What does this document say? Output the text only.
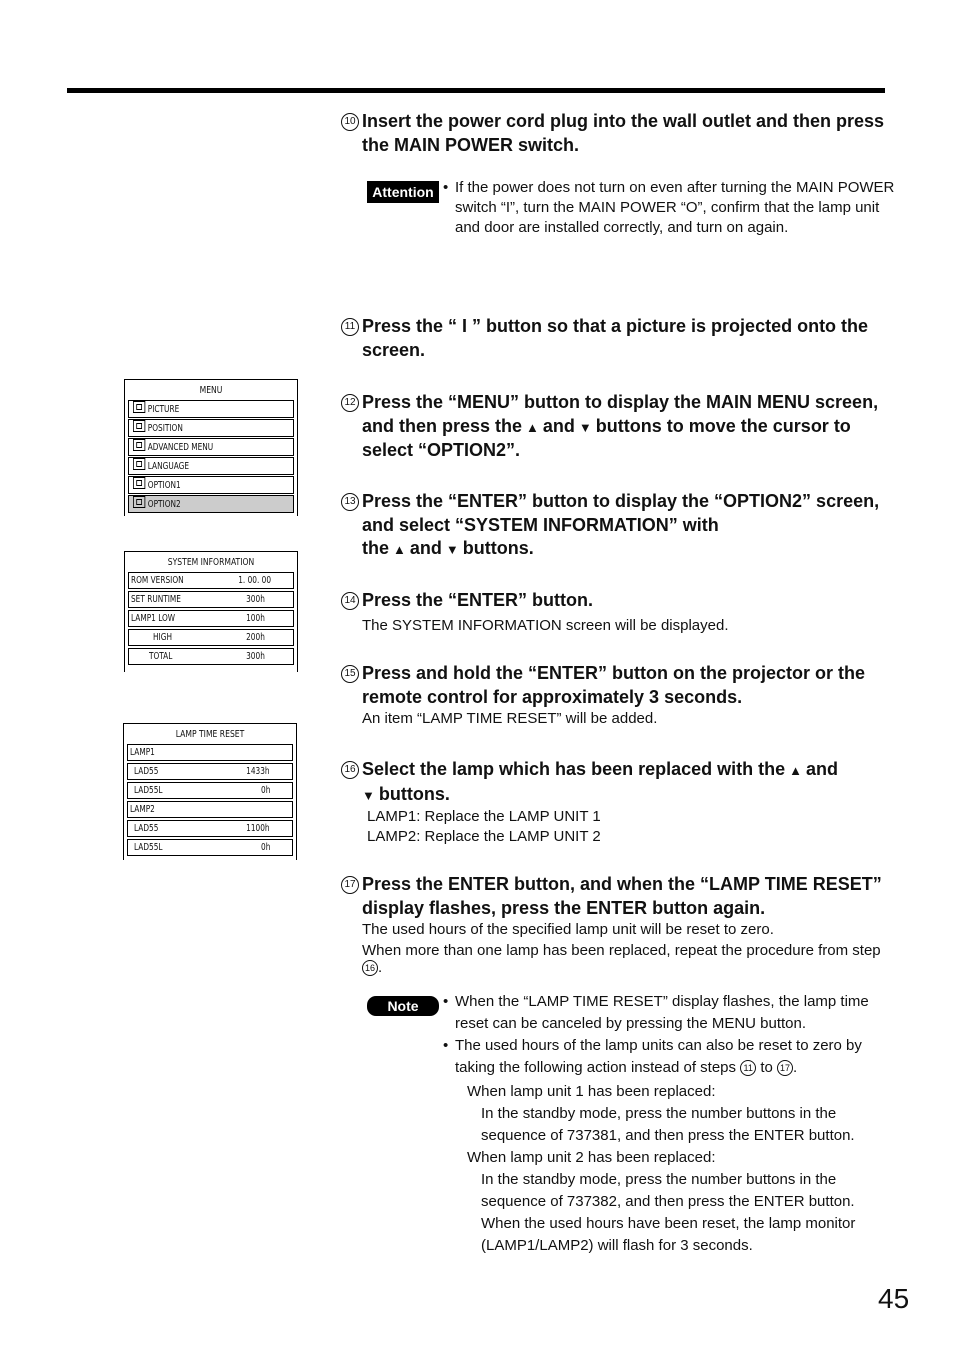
10 Insert the power cord plug into the wall outlet and then press the MAIN POWER switch.
Attention	• If the power does not turn on even after turning the MAIN POWER switch “I”, turn the MAIN POWER “O”, confirm that the lamp unit and door are installed correctly, and turn on again.
11 Press the “ I ” button so that a picture is projected onto the screen.
12 Press the “MENU” button to display the MAIN MENU screen, and then press the ▲ and ▼ buttons to move the cursor to select “OPTION2”.
13 Press the “ENTER” button to display the “OPTION2” screen, and select “SYSTEM INFORMATION” with the ▲ and ▼ buttons.
14 Press the “ENTER” button.
The SYSTEM INFORMATION screen will be displayed.
15 Press and hold the “ENTER” button on the projector or the remote control for approximately 3 seconds.
An item “LAMP TIME RESET” will be added.
16 Select the lamp which has been replaced with the ▲ and
▼ buttons.
LAMP1: Replace the LAMP UNIT 1
LAMP2: Replace the LAMP UNIT 2
17 Press the ENTER button, and when the “LAMP TIME RESET” display flashes, press the ENTER button again.
The used hours of the specified lamp unit will be reset to zero.
When more than one lamp has been replaced, repeat the procedure from step 16 .
Note	• When the “LAMP TIME RESET” display flashes, the lamp time reset can be canceled by pressing the MENU button.
• The used hours of the lamp units can also be reset to zero by taking the following action instead of steps 11 to 17 .
When lamp unit 1 has been replaced:
In the standby mode, press the number buttons in the sequence of 737381, and then press the ENTER button.
When lamp unit 2 has been replaced:
In the standby mode, press the number buttons in the sequence of 737382, and then press the ENTER button.
When the used hours have been reset, the lamp monitor (LAMP1/LAMP2) will flash for 3 seconds.
MENU
PICTURE
POSITION
ADVANCED MENU
LANGUAGE
OPTION1
OPTION2
SYSTEM INFORMATION
ROM VERSION	1. 00. 00
SET RUNTIME	300h
LAMP1 LOW	100h
HIGH	200h
TOTAL	300h
LAMP TIME RESET
LAMP1
LAD55	1433h
LAD55L	0h
LAMP2
LAD55	1100h
LAD55L	0h
45
